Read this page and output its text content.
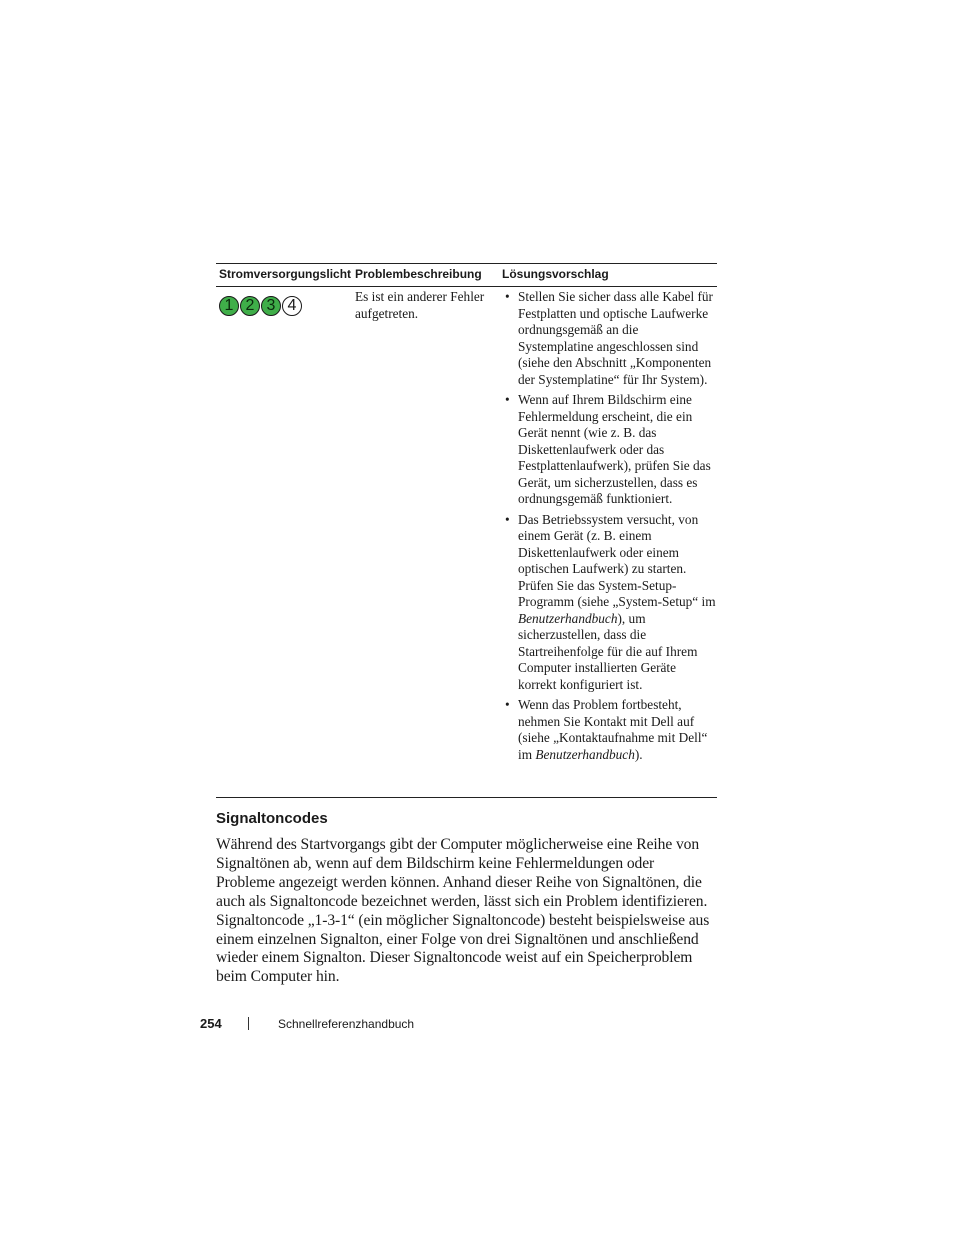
Stromversorgungslicht Problembeschreibung Lösungsvorschlag
1 2 3 4
Es ist ein anderer Fehler aufgetreten.
• Stellen Sie sicher dass alle Kabel für Festplatten und optische Laufwerke ordnungsgemäß an die Systemplatine angeschlossen sind (siehe den Abschnitt „Komponenten der Systemplatine“ für Ihr System).
• Wenn auf Ihrem Bildschirm eine Fehlermeldung erscheint, die ein Gerät nennt (wie z. B. das Diskettenlaufwerk oder das Festplattenlaufwerk), prüfen Sie das Gerät, um sicherzustellen, dass es ordnungsgemäß funktioniert.
• Das Betriebssystem versucht, von einem Gerät (z. B. einem Diskettenlaufwerk oder einem optischen Laufwerk) zu starten. Prüfen Sie das System-Setup-Programm (siehe „System-Setup“ im Benutzerhandbuch), um sicherzustellen, dass die Startreihenfolge für die auf Ihrem Computer installierten Geräte korrekt konfiguriert ist.
• Wenn das Problem fortbesteht, nehmen Sie Kontakt mit Dell auf (siehe „Kontaktaufnahme mit Dell“ im Benutzerhandbuch).
Signaltoncodes

Während des Startvorgangs gibt der Computer möglicherweise eine Reihe von Signaltönen ab, wenn auf dem Bildschirm keine Fehlermeldungen oder Probleme angezeigt werden können. Anhand dieser Reihe von Signaltönen, die auch als Signaltoncode bezeichnet werden, lässt sich ein Problem identifizieren. Signaltoncode „1-3-1“ (ein möglicher Signaltoncode) besteht beispielsweise aus einem einzelnen Signalton, einer Folge von drei Signaltönen und anschließend wieder einem Signalton. Dieser Signaltoncode weist auf ein Speicherproblem beim Computer hin.

254	Schnellreferenzhandbuch
